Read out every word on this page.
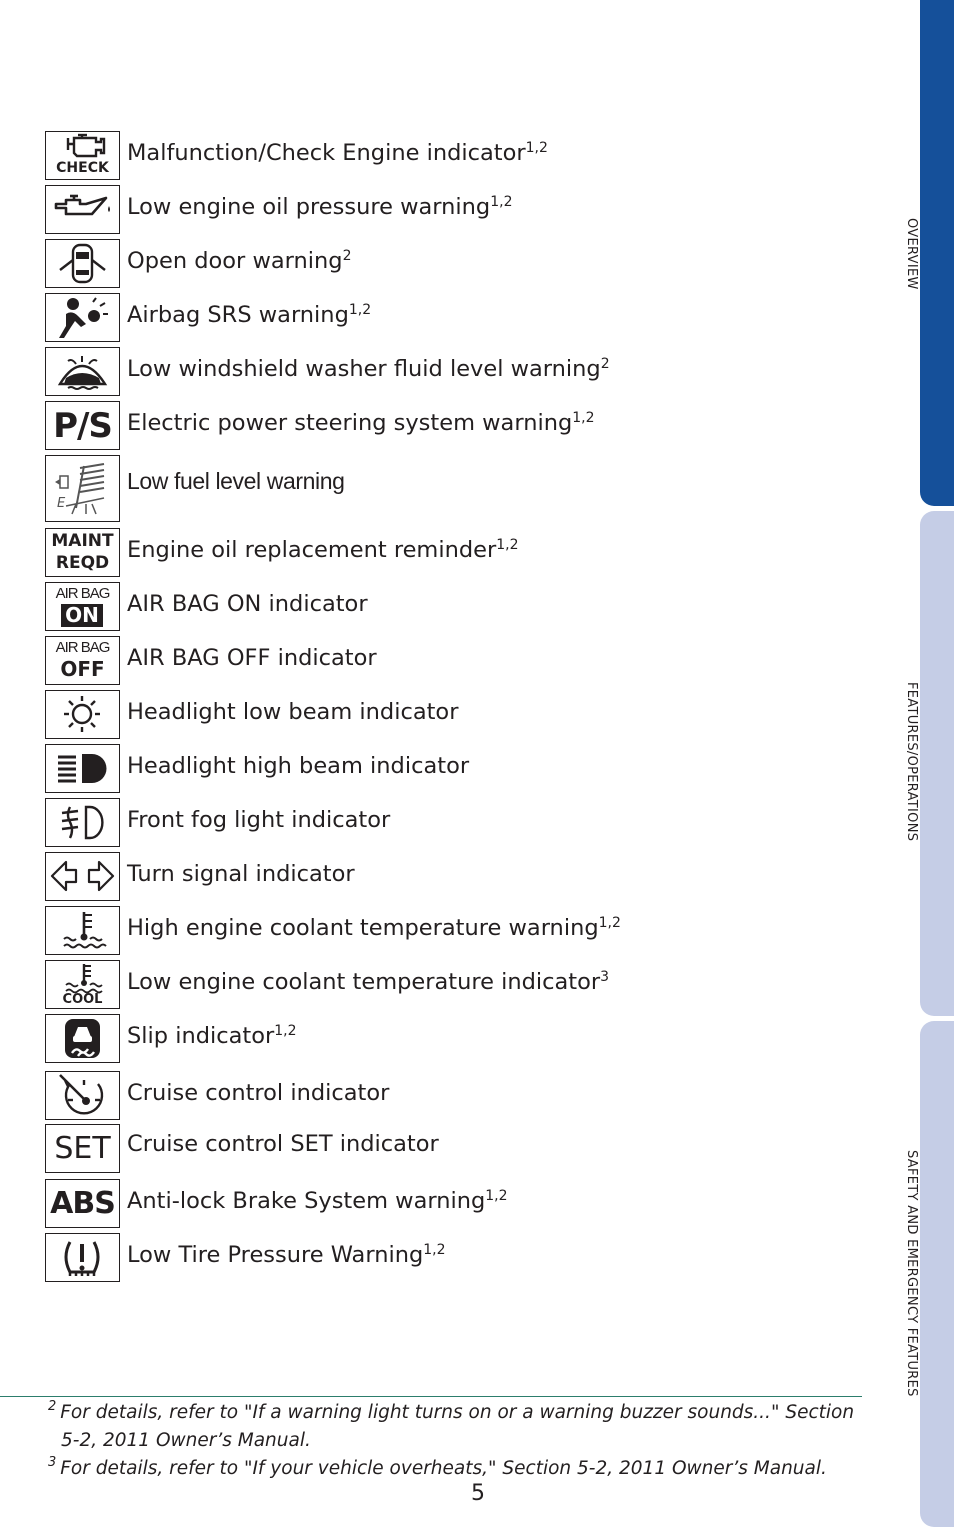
OVERVIEW
FEATURES/OPERATIONS
SAFETY AND EMERGENCY FEATURES
CHECK
Malfunction/Check Engine indicator$^{1,2}$
Low engine oil pressure warning$^{1,2}$
Open door warning$^2$
Airbag SRS warning$^{1,2}$
Low windshield washer fluid level warning$^2$
P/S Electric power steering system warning$^{1,2}$
E
Low fuel level warning
MAINT
REQD Engine oil replacement reminder$^{1,2}$
AIR BAG
ON AIR BAG ON indicator
AIR BAG
OFF AIR BAG OFF indicator
Headlight low beam indicator
Headlight high beam indicator
Front fog light indicator
Turn signal indicator
High engine coolant temperature warning$^{1,2}$
COOL
Low engine coolant temperature indicator$^3$
Slip indicator$^{1,2}$
Cruise control indicator
SET Cruise control SET indicator
ABS Anti-lock Brake System warning$^{1,2}$
Low Tire Pressure Warning$^{1,2}$
$^2$ For details, refer to "If a warning light turns on or a warning buzzer sounds..." Section
5-2, 2011 Owner’s Manual.
$^3$ For details, refer to "If your vehicle overheats," Section 5-2, 2011 Owner’s Manual.
5
